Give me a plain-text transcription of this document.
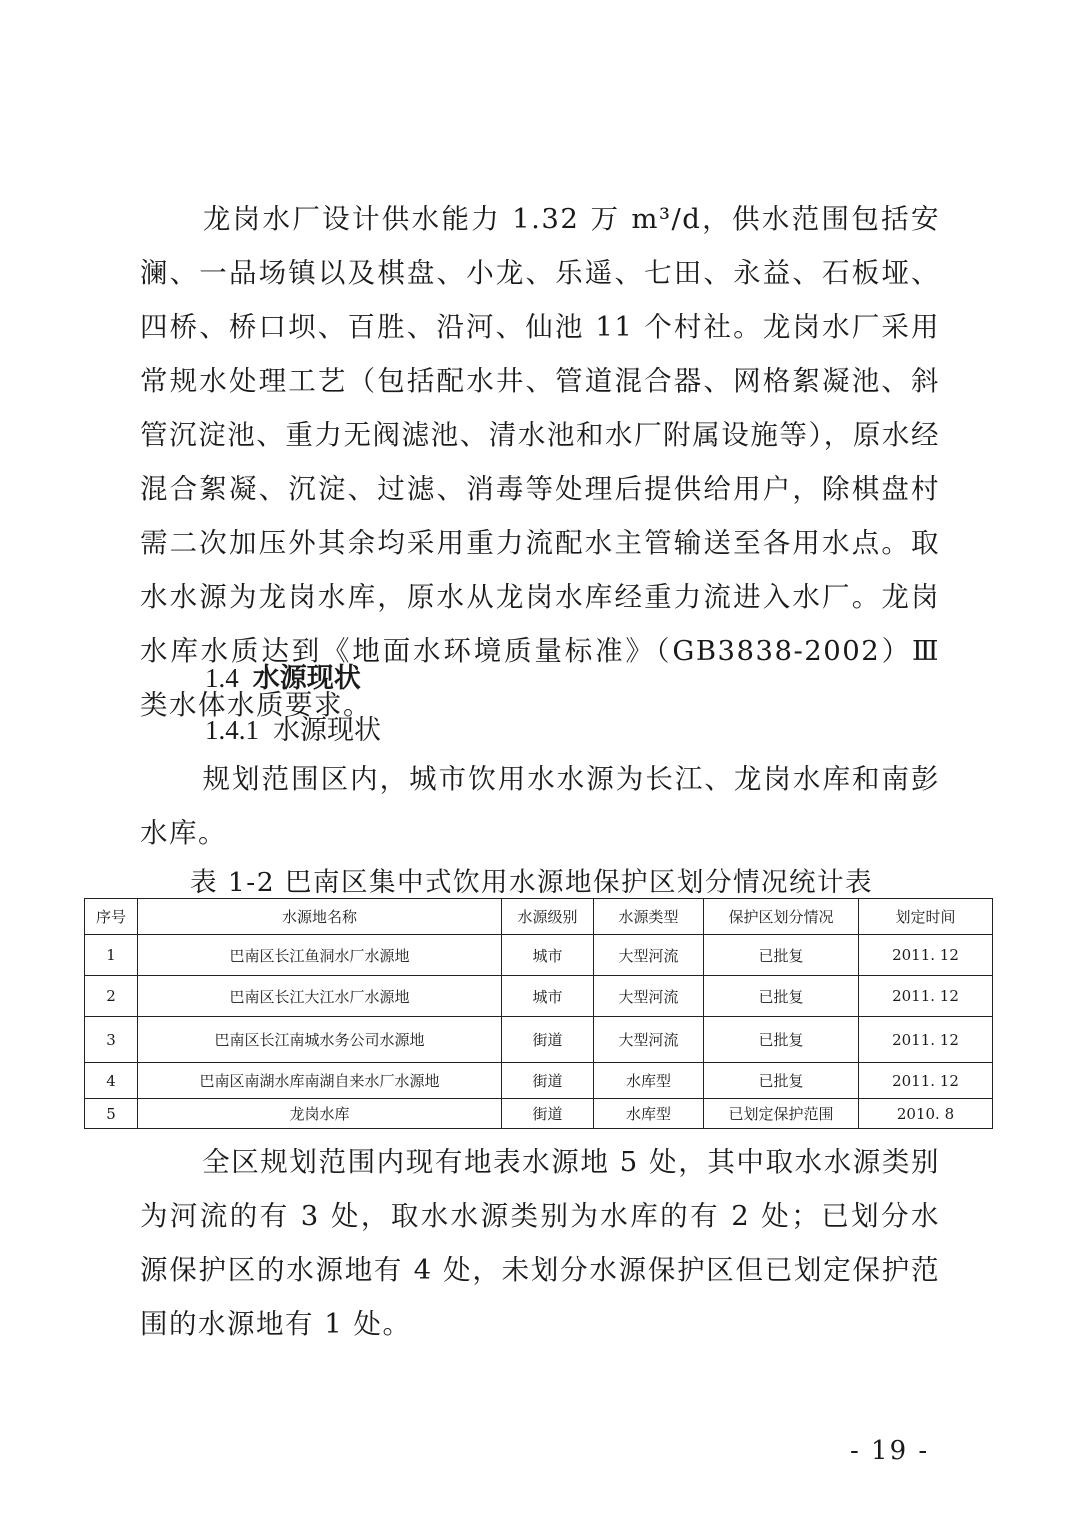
龙岗水厂设计供水能力 1.32 万 m³/d，供水范围包括安澜、一品场镇以及棋盘、小龙、乐遥、七田、永益、石板垭、四桥、桥口坝、百胜、沿河、仙池 11 个村社。龙岗水厂采用常规水处理工艺（包括配水井、管道混合器、网格絮凝池、斜管沉淀池、重力无阀滤池、清水池和水厂附属设施等），原水经混合絮凝、沉淀、过滤、消毒等处理后提供给用户，除棋盘村需二次加压外其余均采用重力流配水主管输送至各用水点。取水水源为龙岗水库，原水从龙岗水库经重力流进入水厂。龙岗水库水质达到《地面水环境质量标准》（GB3838-2002）Ⅲ类水体水质要求。

1.4 水源现状
1.4.1 水源现状

规划范围区内，城市饮用水水源为长江、龙岗水库和南彭水库。

表 1-2 巴南区集中式饮用水源地保护区划分情况统计表

序号	水源地名称	水源级别	水源类型	保护区划分情况	划定时间
1	巴南区长江鱼洞水厂水源地	城市	大型河流	已批复	2011. 12
2	巴南区长江大江水厂水源地	城市	大型河流	已批复	2011. 12
3	巴南区长江南城水务公司水源地	街道	大型河流	已批复	2011. 12
4	巴南区南湖水库南湖自来水厂水源地	街道	水库型	已批复	2011. 12
5	龙岗水库	街道	水库型	已划定保护范围	2010. 8

全区规划范围内现有地表水源地 5 处，其中取水水源类别为河流的有 3 处，取水水源类别为水库的有 2 处；已划分水源保护区的水源地有 4 处，未划分水源保护区但已划定保护范围的水源地有 1 处。

- 19 -
